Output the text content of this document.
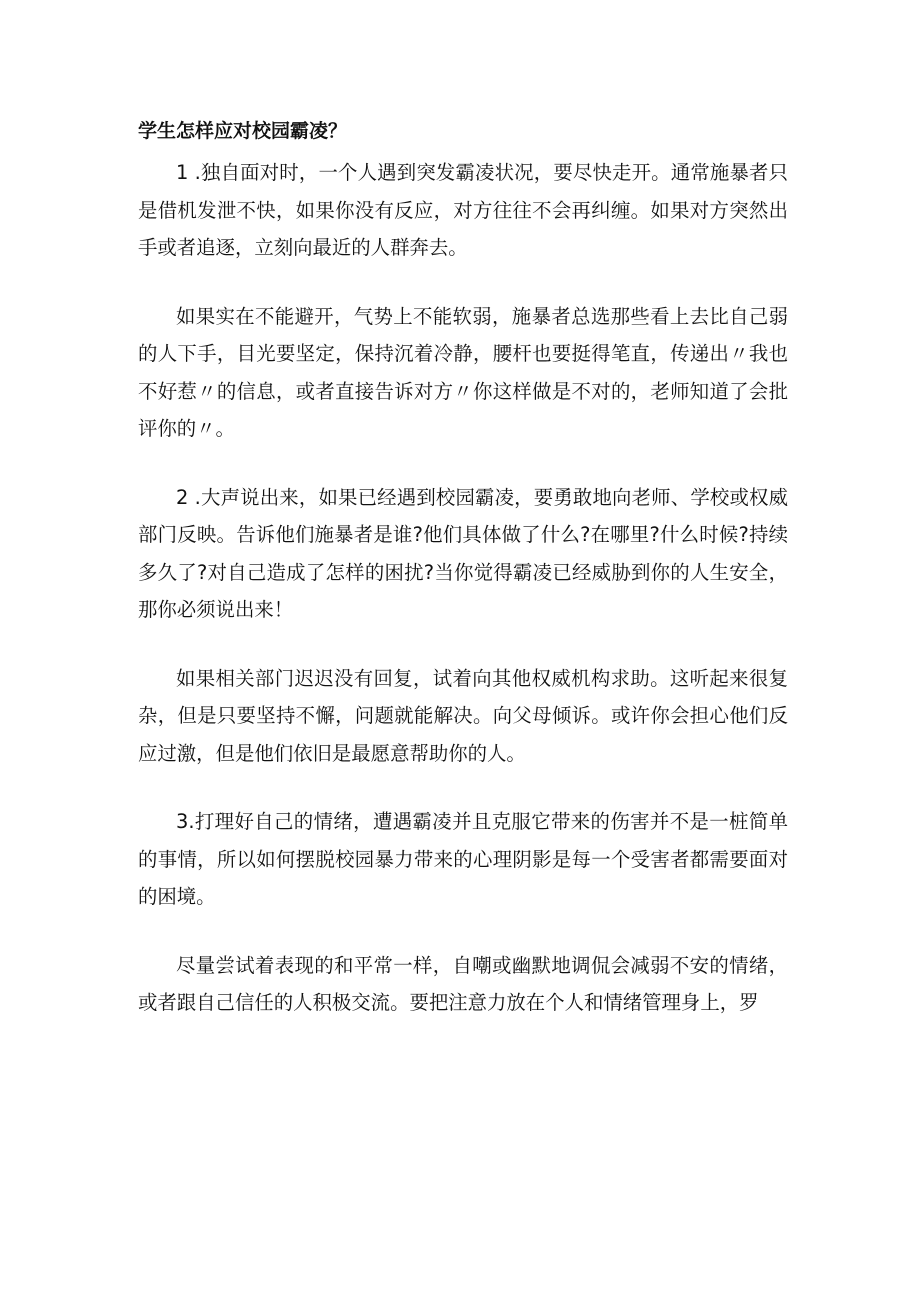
学生怎样应对校园霸凌？

1 .独自面对时，一个人遇到突发霸凌状况，要尽快走开。通常施暴者只是借机发泄不快，如果你没有反应，对方往往不会再纠缠。如果对方突然出手或者追逐，立刻向最近的人群奔去。

如果实在不能避开，气势上不能软弱，施暴者总选那些看上去比自己弱的人下手，目光要坚定，保持沉着冷静，腰杆也要挺得笔直，传递出〃我也不好惹〃的信息，或者直接告诉对方〃你这样做是不对的，老师知道了会批评你的〃。

2 .大声说出来，如果已经遇到校园霸凌，要勇敢地向老师、学校或权威部门反映。告诉他们施暴者是谁?他们具体做了什么?在哪里?什么时候?持续多久了?对自己造成了怎样的困扰?当你觉得霸凌已经威胁到你的人生安全，那你必须说出来！

如果相关部门迟迟没有回复，试着向其他权威机构求助。这听起来很复杂，但是只要坚持不懈，问题就能解决。向父母倾诉。或许你会担心他们反应过激，但是他们依旧是最愿意帮助你的人。

3.打理好自己的情绪，遭遇霸凌并且克服它带来的伤害并不是一桩简单的事情，所以如何摆脱校园暴力带来的心理阴影是每一个受害者都需要面对的困境。

尽量尝试着表现的和平常一样，自嘲或幽默地调侃会减弱不安的情绪，或者跟自己信任的人积极交流。要把注意力放在个人和情绪管理身上，罗
